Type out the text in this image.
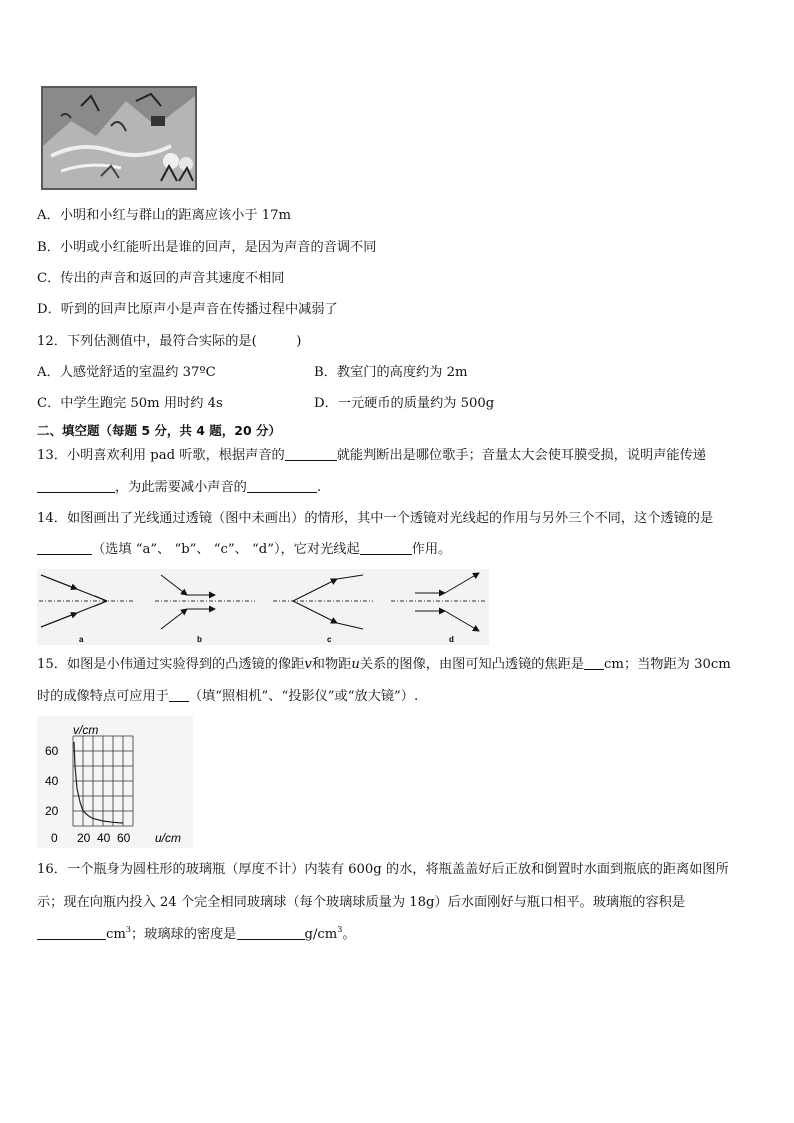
A．小明和小红与群山的距离应该小于 17m
B．小明或小红能听出是谁的回声，是因为声音的音调不同
C．传出的声音和返回的声音其速度不相同
D．听到的回声比原声小是声音在传播过程中减弱了
12．下列估测值中，最符合实际的是(　　　)
A．人感觉舒适的室温约 37ºC	B．教室门的高度约为 2m
C．中学生跑完 50m 用时约 4s	D．一元硬币的质量约为 500g
二、填空题（每题 5 分，共 4 题，20 分）
13．小明喜欢利用 pad 听歌，根据声音的	就能判断出是哪位歌手；音量太大会使耳膜受损，说明声能传递
，为此需要减小声音的	.
14．如图画出了光线通过透镜（图中未画出）的情形，其中一个透镜对光线起的作用与另外三个不同，这个透镜的是
（选填 “a”、 “b”、 “c”、 “d”），它对光线起	作用。
a	b	c	d
15．如图是小伟通过实验得到的凸透镜的像距v和物距u关系的图像，由图可知凸透镜的焦距是 cm；当物距为 30cm
时的成像特点可应用于 （填“照相机”、“投影仪”或“放大镜”）.
0 20 40 60
20
40
60
v/cm
u/cm
16．一个瓶身为圆柱形的玻璃瓶（厚度不计）内装有 600g 的水，将瓶盖盖好后正放和倒置时水面到瓶底的距离如图所
示；现在向瓶内投入 24 个完全相同玻璃球（每个玻璃球质量为 18g）后水面刚好与瓶口相平。玻璃瓶的容积是
$cm^3$；玻璃球的密度是	$g/cm^3$。
